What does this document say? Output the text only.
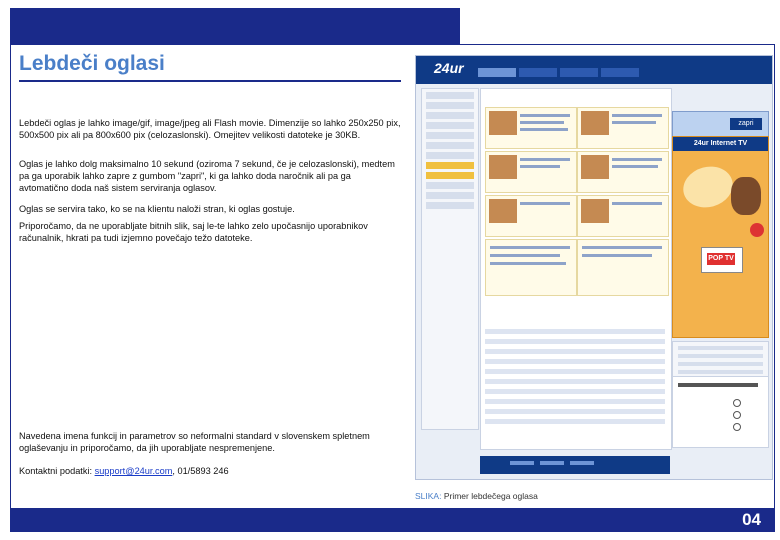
Lebdeči oglasi

Lebdeči oglas je lahko image/gif, image/jpeg ali Flash movie. Dimenzije so lahko 250x250 pix, 500x500 pix ali pa 800x600 pix (celozaslonski). Omejitev velikosti datoteke je 30KB.

Oglas je lahko dolg maksimalno 10 sekund (oziroma 7 sekund, če je celozaslonski), medtem pa ga uporabik lahko zapre z gumbom "zapri", ki ga lahko doda naročnik ali pa ga avtomatično doda naš sistem serviranja oglasov.

Oglas se servira tako, ko se na klientu naloži stran, ki oglas gostuje.

Priporočamo, da ne uporabljate bitnih slik, saj le-te lahko zelo upočasnijo uporabnikov računalnik, hkrati pa tudi izjemno povečajo težo datoteke.

Navedena imena funkcij in parametrov so neformalni standard v slovenskem spletnem oglaševanju in priporočamo, da jih uporabljate nespremenjene.

Kontaktni podatki: support@24ur.com, 01/5893 246

24ur
zapri
24ur Internet TV
POP TV

SLIKA: Primer lebdečega oglasa

04
